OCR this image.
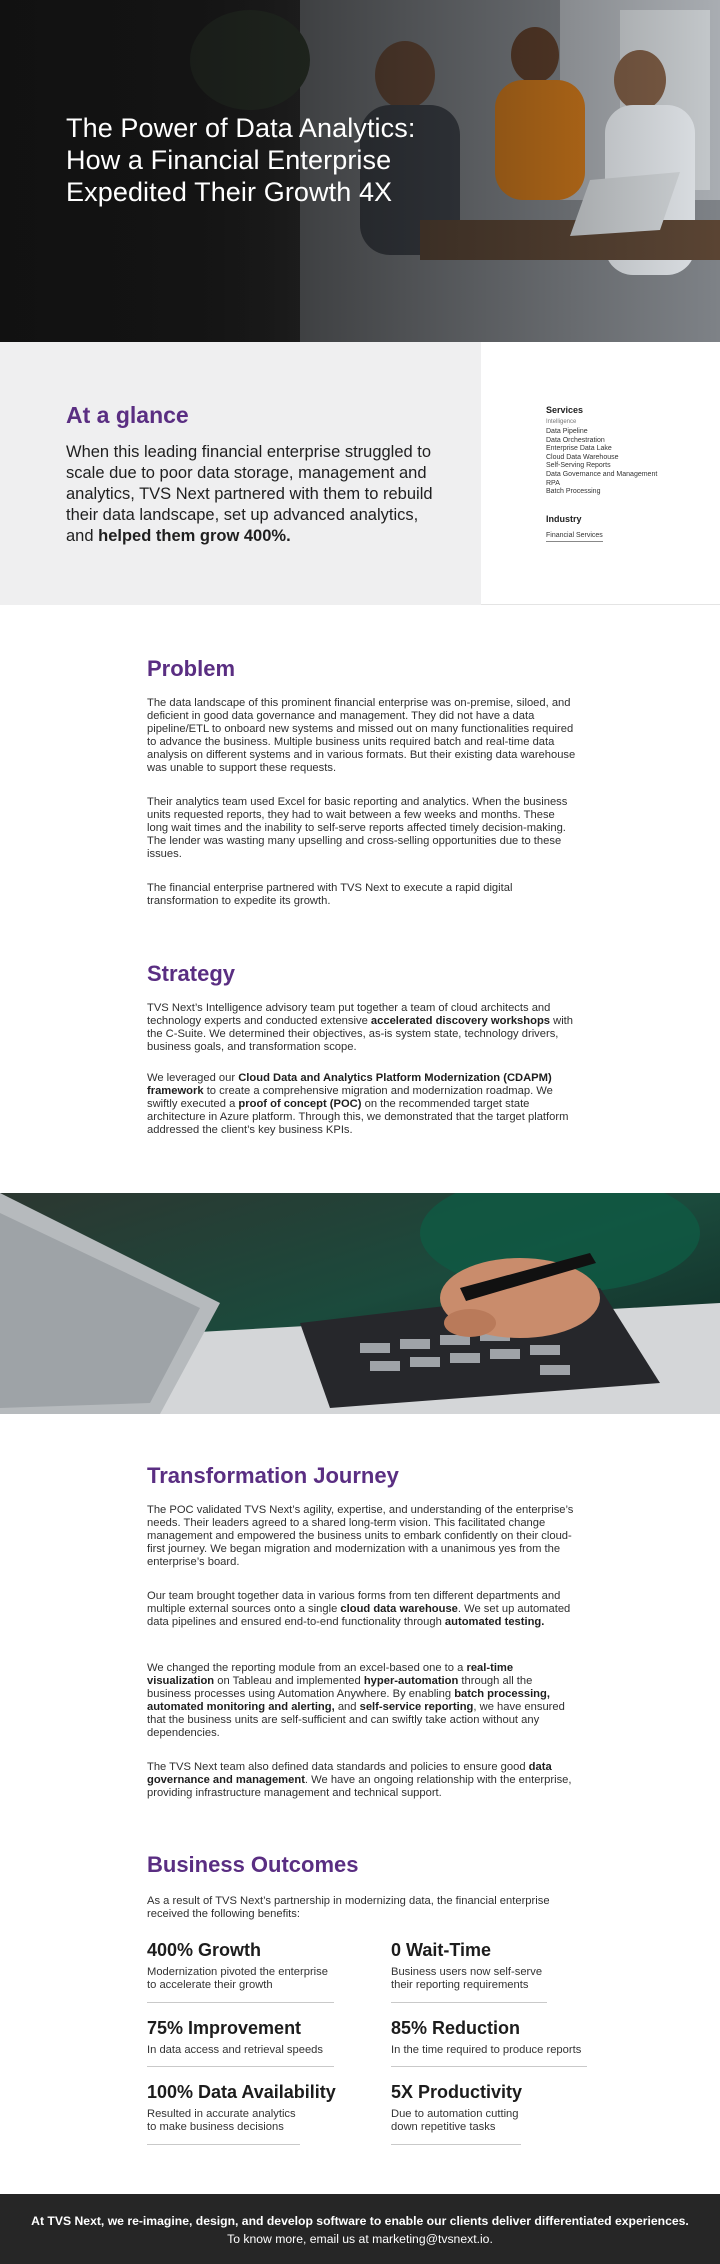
The Power of Data Analytics:
How a Financial Enterprise
Expedited Their Growth 4X
At a glance

When this leading financial enterprise struggled to scale due to poor data storage, management and analytics, TVS Next partnered with them to rebuild their data landscape, set up advanced analytics, and helped them grow 400%.

Services
Intelligence
Data Pipeline
Data Orchestration
Enterprise Data Lake
Cloud Data Warehouse
Self-Serving Reports
Data Governance and Management
RPA
Batch Processing
Industry
Financial Services
Problem

The data landscape of this prominent financial enterprise was on-premise, siloed, and deficient in good data governance and management. They did not have a data pipeline/ETL to onboard new systems and missed out on many functionalities required to advance the business. Multiple business units required batch and real-time data analysis on different systems and in various formats. But their existing data warehouse was unable to support these requests.

Their analytics team used Excel for basic reporting and analytics. When the business units requested reports, they had to wait between a few weeks and months. These long wait times and the inability to self-serve reports affected timely decision-making. The lender was wasting many upselling and cross-selling opportunities due to these issues.

The financial enterprise partnered with TVS Next to execute a rapid digital transformation to expedite its growth.

Strategy

TVS Next’s Intelligence advisory team put together a team of cloud architects and technology experts and conducted extensive accelerated discovery workshops with the C-Suite. We determined their objectives, as-is system state, technology drivers, business goals, and transformation scope.

We leveraged our Cloud Data and Analytics Platform Modernization (CDAPM) framework to create a comprehensive migration and modernization roadmap. We swiftly executed a proof of concept (POC) on the recommended target state architecture in Azure platform. Through this, we demonstrated that the target platform addressed the client’s key business KPIs.

Transformation Journey

The POC validated TVS Next’s agility, expertise, and understanding of the enterprise’s needs. Their leaders agreed to a shared long-term vision. This facilitated change management and empowered the business units to embark confidently on their cloud-first journey. We began migration and modernization with a unanimous yes from the enterprise’s board.

Our team brought together data in various forms from ten different departments and multiple external sources onto a single cloud data warehouse. We set up automated data pipelines and ensured end-to-end functionality through automated testing.

We changed the reporting module from an excel-based one to a real-time visualization on Tableau and implemented hyper-automation through all the business processes using Automation Anywhere. By enabling batch processing, automated monitoring and alerting, and self-service reporting, we have ensured that the business units are self-sufficient and can swiftly take action without any dependencies.

The TVS Next team also defined data standards and policies to ensure good data governance and management. We have an ongoing relationship with the enterprise, providing infrastructure management and technical support.

Business Outcomes

As a result of TVS Next’s partnership in modernizing data, the financial enterprise received the following benefits:

400% Growth
Modernization pivoted the enterprise
to accelerate their growth
0 Wait-Time
Business users now self-serve
their reporting requirements
75% Improvement
In data access and retrieval speeds
85% Reduction
In the time required to produce reports
100% Data Availability
Resulted in accurate analytics
to make business decisions
5X Productivity
Due to automation cutting
down repetitive tasks
At TVS Next, we re-imagine, design, and develop software to enable our clients deliver differentiated experiences.
To know more, email us at marketing@tvsnext.io.
